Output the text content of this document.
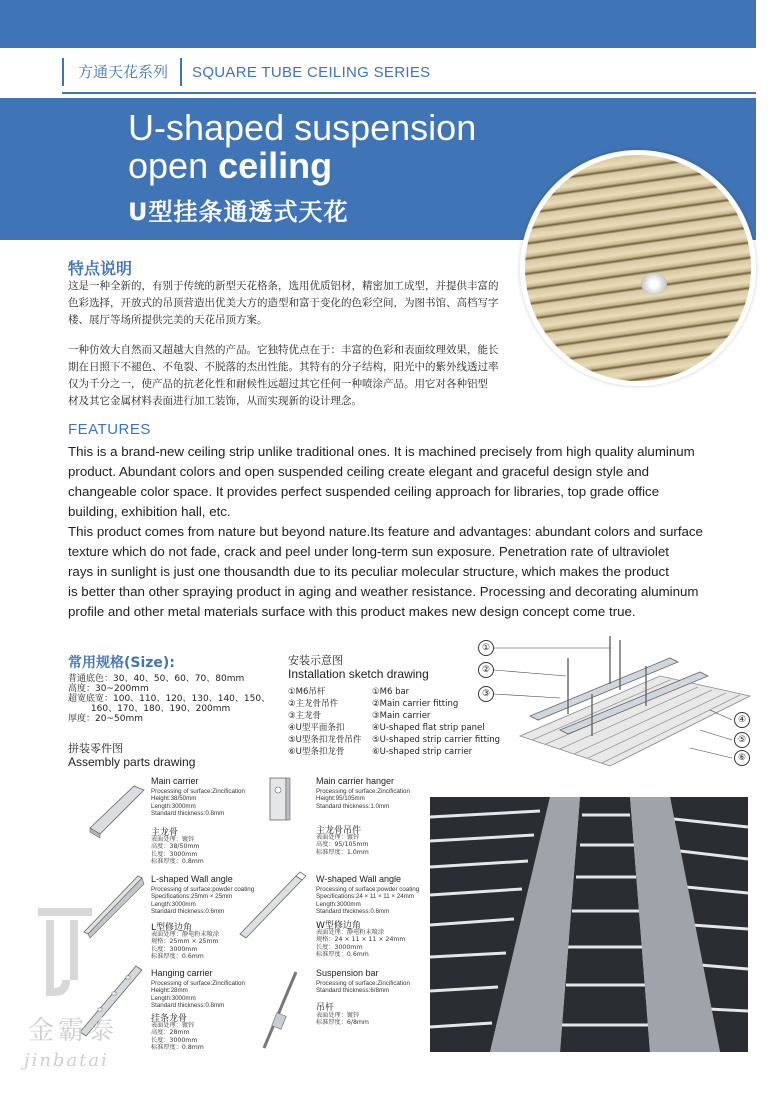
方通天花系列	SQUARE TUBE CEILING SERIES
U-shaped suspension
open ceiling
U型挂条通透式天花
特点说明
这是一种全新的，有别于传统的新型天花格条，选用优质铝材，精密加工成型，并提供丰富的
色彩选择，开放式的吊顶营造出优美大方的造型和富于变化的色彩空间，为图书馆、高档写字
楼、展厅等场所提供完美的天花吊顶方案。
一种仿效大自然而又超越大自然的产品。它独特优点在于：丰富的色彩和表面纹理效果，能长
期在日照下不褪色、不龟裂、不脱落的杰出性能。其特有的分子结构，阳光中的紫外线透过率
仅为千分之一，使产品的抗老化性和耐候性远超过其它任何一种喷涂产品。用它对各种铝型
材及其它金属材料表面进行加工装饰，从而实现新的设计理念。
FEATURES
This is a brand-new ceiling strip unlike traditional ones. It is machined precisely from high quality aluminum
product. Abundant colors and open suspended ceiling create elegant and graceful design style and
changeable color space. It provides perfect suspended ceiling approach for libraries, top grade office
building, exhibition hall, etc.
This product comes from nature but beyond nature.Its feature and advantages: abundant colors and surface
texture which do not fade, crack and peel under long-term sun exposure. Penetration rate of ultraviolet
rays in sunlight is just one thousandth due to its peculiar molecular structure, which makes the product
is better than other spraying product in aging and weather resistance. Processing and decorating aluminum
profile and other metal materials surface with this product makes new design concept come true.
常用规格(Size):
普通底色：30、40、50、60、70、80mm
高度：30~200mm
超宽底宽：100、110、120、130、140、150、
160、170、180、190、200mm
厚度：20~50mm
安装示意图
Installation sketch drawing
①M6吊杆
②主龙骨吊件
③主龙骨
④U型平面条扣
⑤U型条扣龙骨吊件
⑥U型条扣龙骨
①M6 bar
②Main carrier fitting
③Main carrier
④U-shaped flat strip panel
⑤U-shaped strip carrier fitting
⑥U-shaped strip carrier
①
②
③
④
⑤
⑥
拼装零件图
Assembly parts drawing
Main carrier
Processing of surface:Zincification
Height:38/50mm
Length:3000mm
Standard thickness:0.8mm
主龙骨
表面处理：镀锌
高度：38/50mm
长度：3000mm
标准厚度：0.8mm
Main carrier hanger
Processing of surface:Zincification
Height:95/105mm
Standard thickness:1.0mm
主龙骨吊件
表面处理：镀锌
高度：95/105mm
标准厚度：1.0mm
L-shaped Wall angle
Processing of surface:powder coating
Specifications:25mm × 25mm
Length:3000mm
Standard thickness:0.6mm
L型修边角
表面处理：静电粉末喷涂
规格：25mm × 25mm
长度：3000mm
标准厚度：0.6mm
W-shaped Wall angle
Processing of surface:powder coating
Specifications:24 × 11 × 11 × 24mm
Length:3000mm
Standard thickness:0.6mm
W型修边角
表面处理：静电粉末喷涂
规格：24 × 11 × 11 × 24mm
长度：3000mm
标准厚度：0.6mm
Hanging carrier
Processing of surface:Zincification
Height:28mm
Length:3000mm
Standard thickness:0.8mm
挂条龙骨
表面处理：镀锌
高度：28mm
长度：3000mm
标准厚度：0.8mm
Suspension bar
Processing of surface:Zincification
Standard thickness:6/8mm
吊杆
表面处理：镀锌
标准厚度：6/8mm
金霸泰
jinbatai
